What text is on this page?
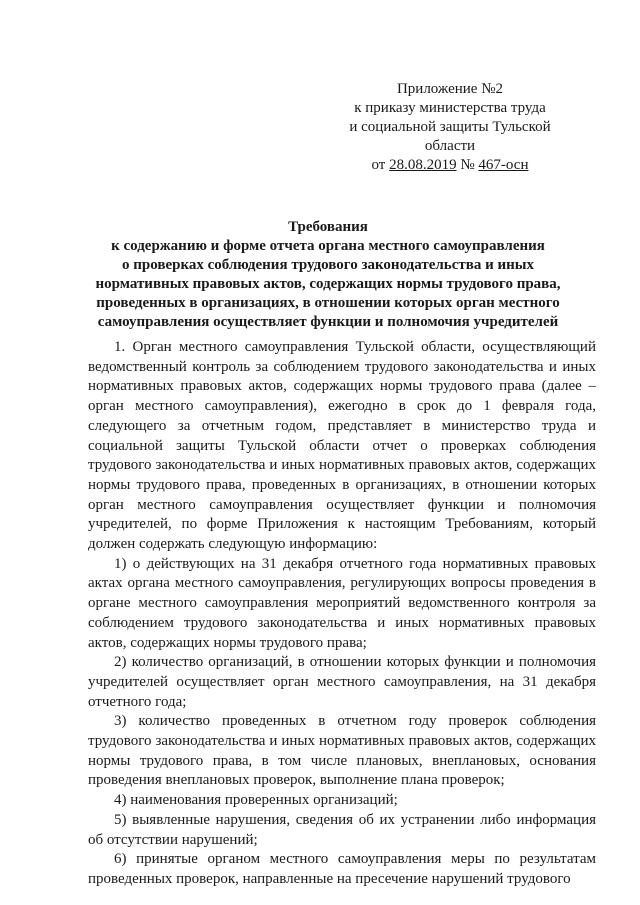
Приложение №2
к приказу министерства труда
и социальной защиты Тульской
области
от 28.08.2019 № 467-осн
Требования
к содержанию и форме отчета органа местного самоуправления
о проверках соблюдения трудового законодательства и иных
нормативных правовых актов, содержащих нормы трудового права,
проведенных в организациях, в отношении которых орган местного
самоуправления осуществляет функции и полномочия учредителей

1. Орган местного самоуправления Тульской области, осуществляющий ведомственный контроль за соблюдением трудового законодательства и иных нормативных правовых актов, содержащих нормы трудового права (далее – орган местного самоуправления), ежегодно в срок до 1 февраля года, следующего за отчетным годом, представляет в министерство труда и социальной защиты Тульской области отчет о проверках соблюдения трудового законодательства и иных нормативных правовых актов, содержащих нормы трудового права, проведенных в организациях, в отношении которых орган местного самоуправления осуществляет функции и полномочия учредителей, по форме Приложения к настоящим Требованиям, который должен содержать следующую информацию:

1) о действующих на 31 декабря отчетного года нормативных правовых актах органа местного самоуправления, регулирующих вопросы проведения в органе местного самоуправления мероприятий ведомственного контроля за соблюдением трудового законодательства и иных нормативных правовых актов, содержащих нормы трудового права;

2) количество организаций, в отношении которых функции и полномочия учредителей осуществляет орган местного самоуправления, на 31 декабря отчетного года;

3) количество проведенных в отчетном году проверок соблюдения трудового законодательства и иных нормативных правовых актов, содержащих нормы трудового права, в том числе плановых, внеплановых, основания проведения внеплановых проверок, выполнение плана проверок;

4) наименования проверенных организаций;

5) выявленные нарушения, сведения об их устранении либо информация об отсутствии нарушений;

6) принятые органом местного самоуправления меры по результатам проведенных проверок, направленные на пресечение нарушений трудового
